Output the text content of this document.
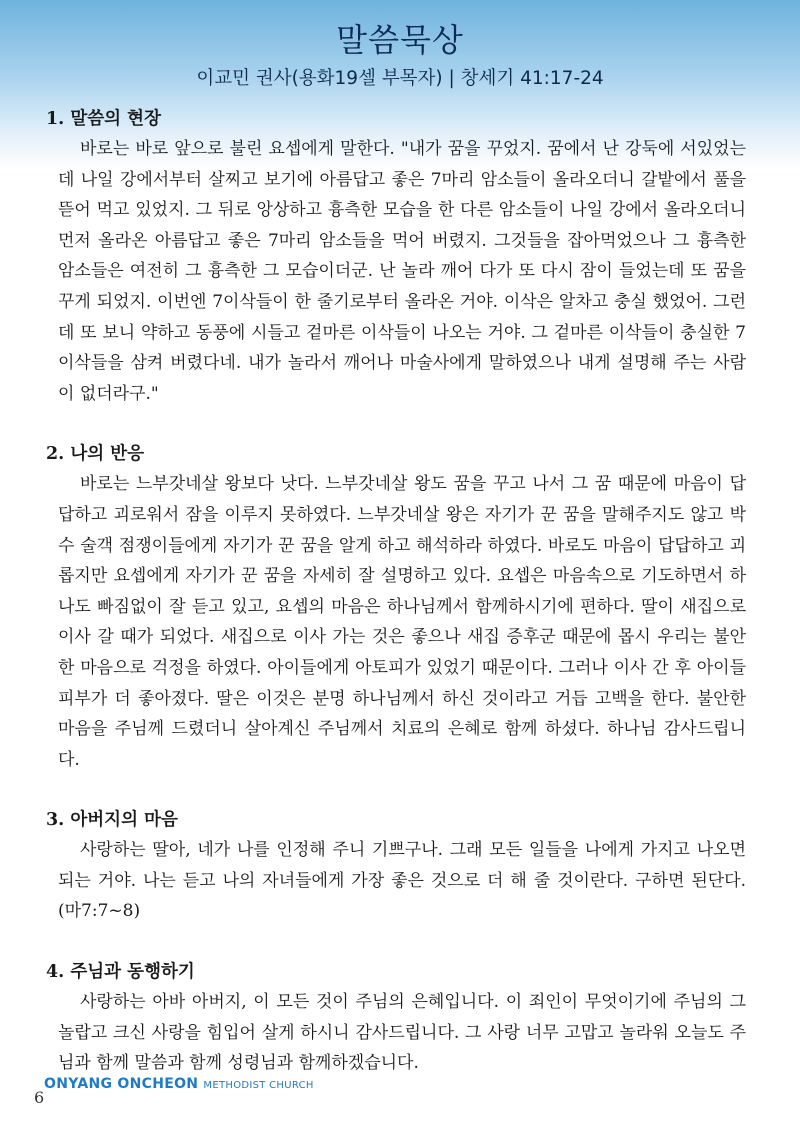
말씀묵상
이교민 권사(용화19셀 부목자) | 창세기 41:17-24
1. 말씀의 현장

바로는 바로 앞으로 불린 요셉에게 말한다. "내가 꿈을 꾸었지. 꿈에서 난 강둑에 서있었는데 나일 강에서부터 살찌고 보기에 아름답고 좋은 7마리 암소들이 올라오더니 갈밭에서 풀을 뜯어 먹고 있었지. 그 뒤로 앙상하고 흉측한 모습을 한 다른 암소들이 나일 강에서 올라오더니 먼저 올라온 아름답고 좋은 7마리 암소들을 먹어 버렸지. 그것들을 잡아먹었으나 그 흉측한 암소들은 여전히 그 흉측한 그 모습이더군. 난 놀라 깨어 다가 또 다시 잠이 들었는데 또 꿈을 꾸게 되었지. 이번엔 7이삭들이 한 줄기로부터 올라온 거야. 이삭은 알차고 충실 했었어. 그런데 또 보니 약하고 동풍에 시들고 겉마른 이삭들이 나오는 거야. 그 겉마른 이삭들이 충실한 7이삭들을 삼켜 버렸다네. 내가 놀라서 깨어나 마술사에게 말하였으나 내게 설명해 주는 사람이 없더라구."

2. 나의 반응

바로는 느부갓네살 왕보다 낫다. 느부갓네살 왕도 꿈을 꾸고 나서 그 꿈 때문에 마음이 답답하고 괴로워서 잠을 이루지 못하였다. 느부갓네살 왕은 자기가 꾼 꿈을 말해주지도 않고 박수 술객 점쟁이들에게 자기가 꾼 꿈을 알게 하고 해석하라 하였다. 바로도 마음이 답답하고 괴롭지만 요셉에게 자기가 꾼 꿈을 자세히 잘 설명하고 있다. 요셉은 마음속으로 기도하면서 하나도 빠짐없이 잘 듣고 있고, 요셉의 마음은 하나님께서 함께하시기에 편하다. 딸이 새집으로 이사 갈 때가 되었다. 새집으로 이사 가는 것은 좋으나 새집 증후군 때문에 몹시 우리는 불안한 마음으로 걱정을 하였다. 아이들에게 아토피가 있었기 때문이다. 그러나 이사 간 후 아이들 피부가 더 좋아졌다. 딸은 이것은 분명 하나님께서 하신 것이라고 거듭 고백을 한다. 불안한 마음을 주님께 드렸더니 살아계신 주님께서 치료의 은혜로 함께 하셨다. 하나님 감사드립니다.

3. 아버지의 마음

사랑하는 딸아, 네가 나를 인정해 주니 기쁘구나. 그래 모든 일들을 나에게 가지고 나오면 되는 거야. 나는 듣고 나의 자녀들에게 가장 좋은 것으로 더 해 줄 것이란다. 구하면 된단다. (마7:7~8)

4. 주님과 동행하기

사랑하는 아바 아버지, 이 모든 것이 주님의 은혜입니다. 이 죄인이 무엇이기에 주님의 그 놀랍고 크신 사랑을 힘입어 살게 하시니 감사드립니다. 그 사랑 너무 고맙고 놀라워 오늘도 주님과 함께 말씀과 함께 성령님과 함께하겠습니다.

ONYANG ONCHEON METHODIST CHURCH
6
